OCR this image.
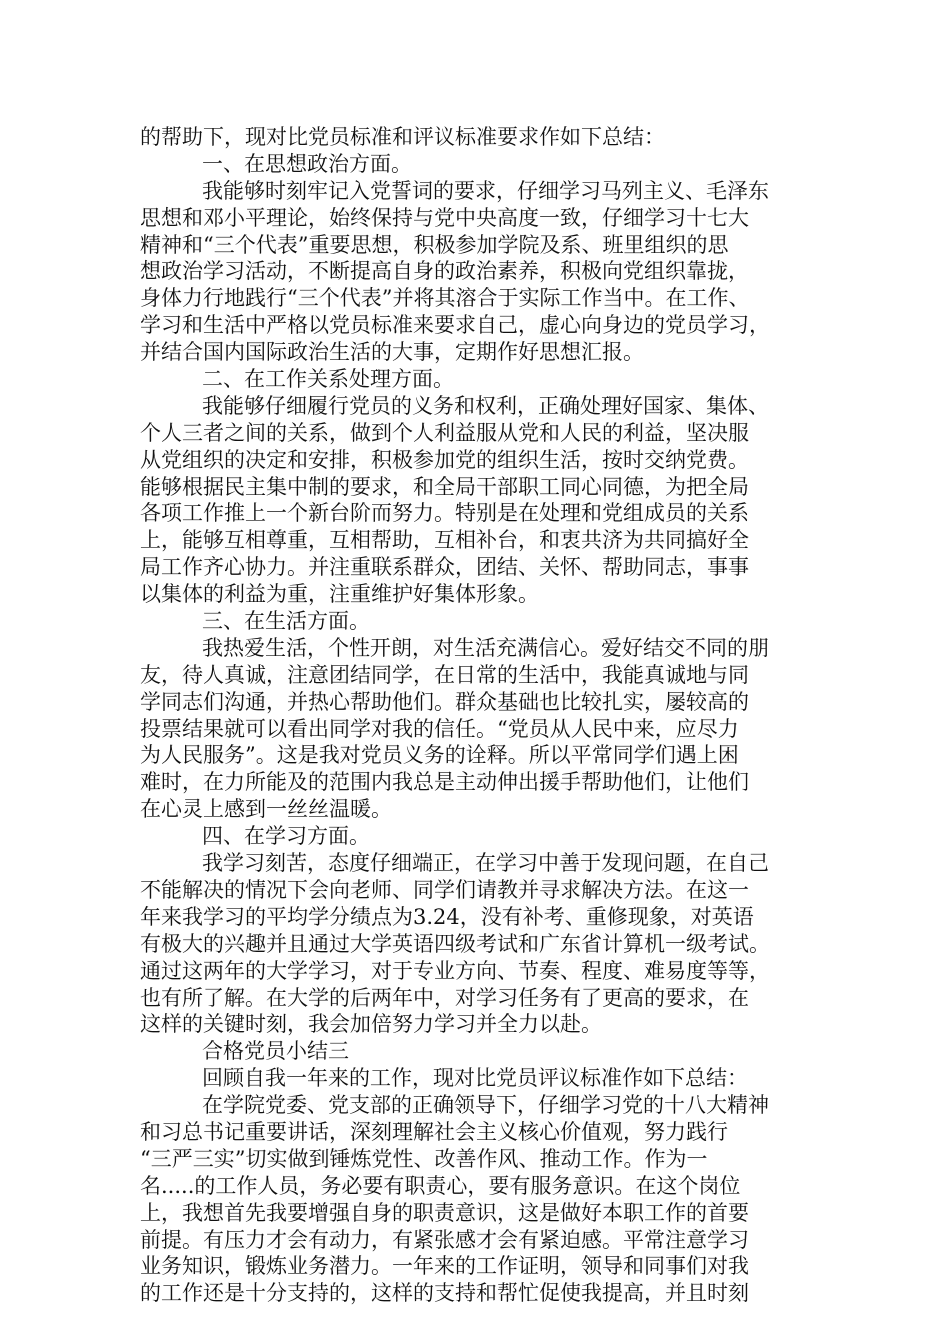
的帮助下，现对比党员标准和评议标准要求作如下总结：
一、在思想政治方面。
我能够时刻牢记入党誓词的要求，仔细学习马列主义、毛泽东
思想和邓小平理论，始终保持与党中央高度一致，仔细学习十七大
精神和“三个代表”重要思想，积极参加学院及系、班里组织的思
想政治学习活动，不断提高自身的政治素养，积极向党组织靠拢，
身体力行地践行“三个代表”并将其溶合于实际工作当中。在工作、
学习和生活中严格以党员标准来要求自己，虚心向身边的党员学习，
并结合国内国际政治生活的大事，定期作好思想汇报。
二、在工作关系处理方面。
我能够仔细履行党员的义务和权利，正确处理好国家、集体、
个人三者之间的关系，做到个人利益服从党和人民的利益，坚决服
从党组织的决定和安排，积极参加党的组织生活，按时交纳党费。
能够根据民主集中制的要求，和全局干部职工同心同德，为把全局
各项工作推上一个新台阶而努力。特别是在处理和党组成员的关系
上，能够互相尊重，互相帮助，互相补台，和衷共济为共同搞好全
局工作齐心协力。并注重联系群众，团结、关怀、帮助同志，事事
以集体的利益为重，注重维护好集体形象。
三、在生活方面。
我热爱生活，个性开朗，对生活充满信心。爱好结交不同的朋
友，待人真诚，注意团结同学，在日常的生活中，我能真诚地与同
学同志们沟通，并热心帮助他们。群众基础也比较扎实，屡较高的
投票结果就可以看出同学对我的信任。“党员从人民中来，应尽力
为人民服务”。这是我对党员义务的诠释。所以平常同学们遇上困
难时，在力所能及的范围内我总是主动伸出援手帮助他们，让他们
在心灵上感到一丝丝温暖。
四、在学习方面。
我学习刻苦，态度仔细端正，在学习中善于发现问题，在自己
不能解决的情况下会向老师、同学们请教并寻求解决方法。在这一
年来我学习的平均学分绩点为3.24，没有补考、重修现象，对英语
有极大的兴趣并且通过大学英语四级考试和广东省计算机一级考试。
通过这两年的大学学习，对于专业方向、节奏、程度、难易度等等，
也有所了解。在大学的后两年中，对学习任务有了更高的要求，在
这样的关键时刻，我会加倍努力学习并全力以赴。
合格党员小结三
回顾自我一年来的工作，现对比党员评议标准作如下总结：
在学院党委、党支部的正确领导下，仔细学习党的十八大精神
和习总书记重要讲话，深刻理解社会主义核心价值观，努力践行
“三严三实”切实做到锤炼党性、改善作风、推动工作。作为一
名.....的工作人员，务必要有职责心，要有服务意识。在这个岗位
上，我想首先我要增强自身的职责意识，这是做好本职工作的首要
前提。有压力才会有动力，有紧张感才会有紧迫感。平常注意学习
业务知识，锻炼业务潜力。一年来的工作证明，领导和同事们对我
的工作还是十分支持的，这样的支持和帮忙促使我提高，并且时刻
